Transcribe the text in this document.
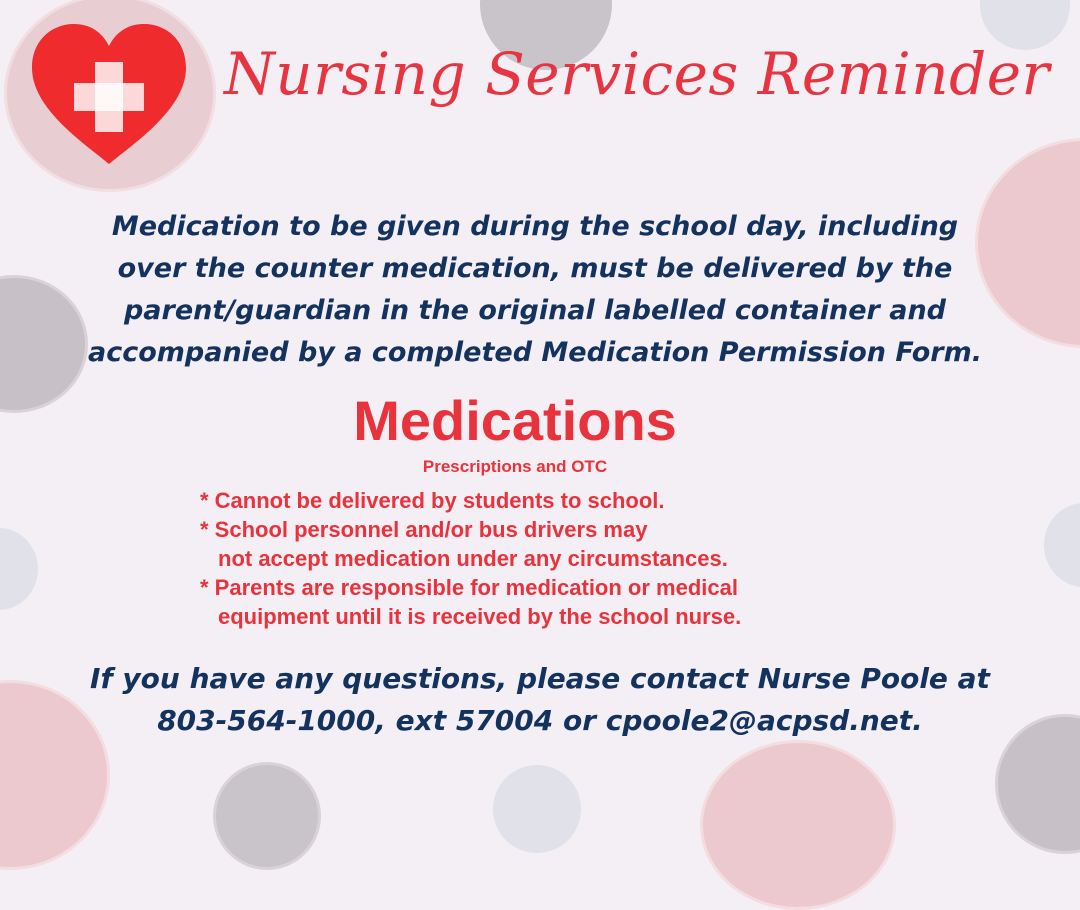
Nursing Services Reminder
Medication to be given during the school day, including
over the counter medication, must be delivered by the
parent/guardian in the original labelled container and
accompanied by a completed Medication Permission Form.
Medications
Prescriptions and OTC
* Cannot be delivered by students to school.
* School personnel and/or bus drivers may
not accept medication under any circumstances.
* Parents are responsible for medication or medical
equipment until it is received by the school nurse.
If you have any questions, please contact Nurse Poole at
803-564-1000, ext 57004 or cpoole2@acpsd.net.
